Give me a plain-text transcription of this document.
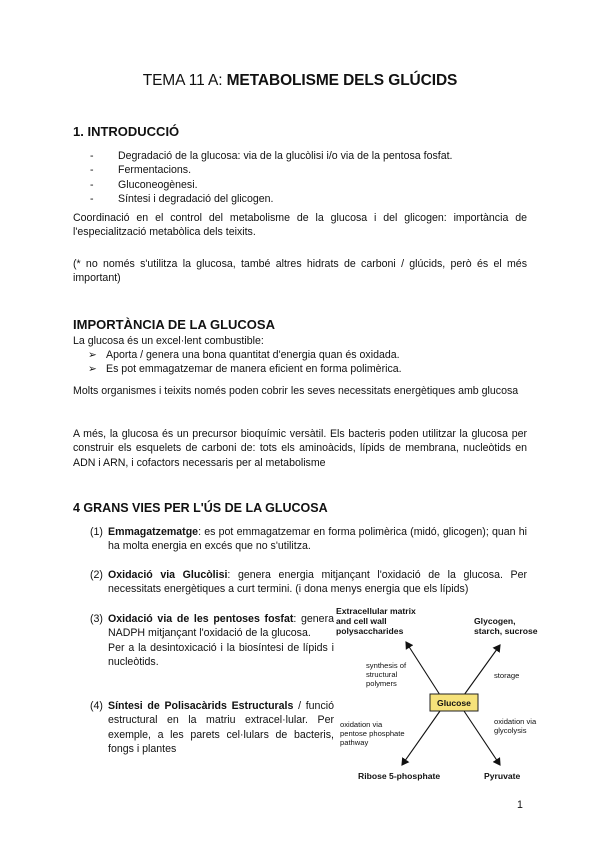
TEMA 11 A: METABOLISME DELS GLÚCIDS
1. INTRODUCCIÓ
- Degradació de la glucosa: via de la glucòlisi i/o via de la pentosa fosfat.
- Fermentacions.
- Gluconeogènesi.
- Síntesi i degradació del glicogen.

Coordinació en el control del metabolisme de la glucosa i del glicogen: importància de l'especialització metabòlica dels teixits.

(* no només s'utilitza la glucosa, també altres hidrats de carboni / glúcids, però és el més important)

IMPORTÀNCIA DE LA GLUCOSA

La glucosa és un excel·lent combustible:

➢ Aporta / genera una bona quantitat d'energia quan és oxidada.
➢ Es pot emmagatzemar de manera eficient en forma polimèrica.

Molts organismes i teixits només poden cobrir les seves necessitats energètiques amb glucosa

A més, la glucosa és un precursor bioquímic versàtil. Els bacteris poden utilitzar la glucosa per construir els esquelets de carboni de: tots els aminoàcids, lípids de membrana, nucleòtids en ADN i ARN, i cofactors necessaris per al metabolisme

4 GRANS VIES PER L'ÚS DE LA GLUCOSA
(1) Emmagatzematge: es pot emmagatzemar en forma polimèrica (midó, glicogen); quan hi ha molta energia en excés que no s'utilitza.
(2) Oxidació via Glucòlisi: genera energia mitjançant l'oxidació de la glucosa. Per necessitats energètiques a curt termini. (i dona menys energia que els lípids)
(3) Oxidació via de les pentoses fosfat: genera NADPH mitjançant l'oxidació de la glucosa.
Per a la desintoxicació i la biosíntesi de lípids i nucleòtids.
(4) Síntesi de Polisacàrids Estructurals / funció estructural en la matriu extracel·lular. Per exemple, a les parets cel·lulars de bacteris, fongs i plantes
Extracellular matrix and cell wall polysaccharides
Glycogen, starch, sucrose
synthesis of structural polymers
storage
Glucose
oxidation via pentose phosphate pathway
oxidation via glycolysis
Ribose 5-phosphate	Pyruvate
1
